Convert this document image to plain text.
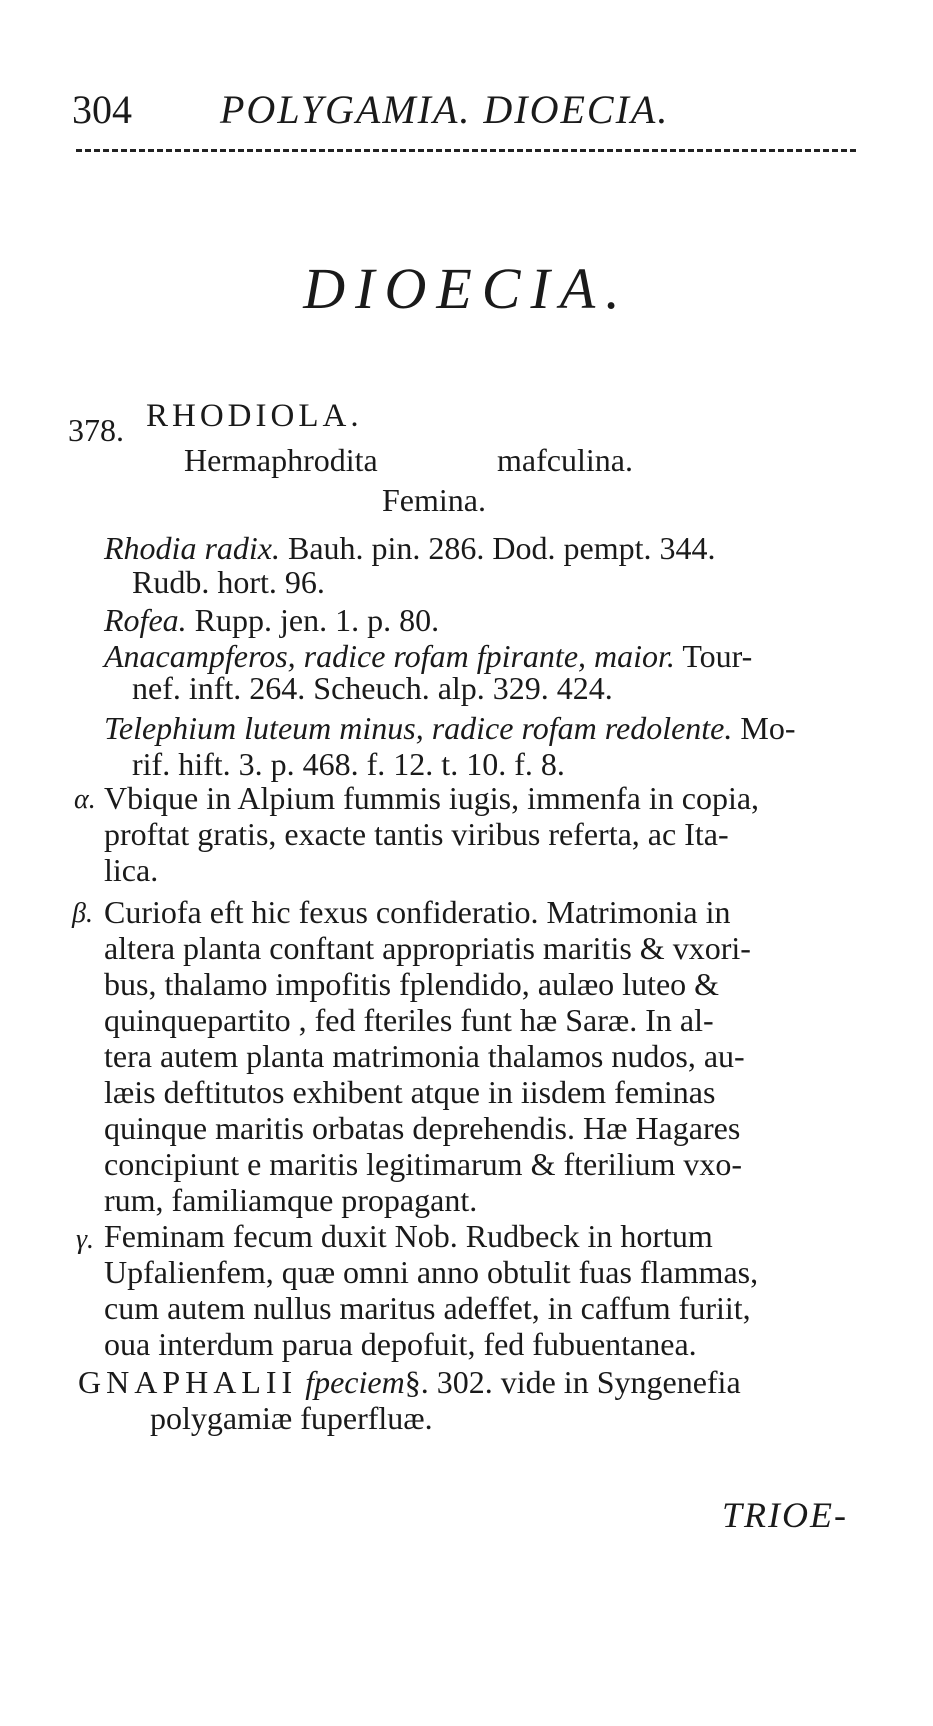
304 POLYGAMIA. DIOECIA.
DIOECIA.
378. RHODIOLA.
Hermaphrodita	mafculina.
Femina.
Rhodia radix. Bauh. pin. 286. Dod. pempt. 344.
Rudb. hort. 96.
Rofea. Rupp. jen. 1. p. 80.
Anacampferos, radice rofam fpirante, maior. Tour-
nef. inft. 264. Scheuch. alp. 329. 424.
Telephium luteum minus, radice rofam redolente. Mo-
rif. hift. 3. p. 468. f. 12. t. 10. f. 8.
α. Vbique in Alpium fummis iugis, immenfa in copia,
proftat gratis, exacte tantis viribus referta, ac Ita-
lica.
β. Curiofa eft hic fexus confideratio. Matrimonia in
altera planta conftant appropriatis maritis & vxori-
bus, thalamo impofitis fplendido, aulæo luteo &
quinquepartito , fed fteriles funt hæ Saræ. In al-
tera autem planta matrimonia thalamos nudos, au-
læis deftitutos exhibent atque in iisdem feminas
quinque maritis orbatas deprehendis. Hæ Hagares
concipiunt e maritis legitimarum & fterilium vxo-
rum, familiamque propagant.
γ. Feminam fecum duxit Nob. Rudbeck in hortum
Upfalienfem, quæ omni anno obtulit fuas flammas,
cum autem nullus maritus adeffet, in caffum furiit,
oua interdum parua depofuit, fed fubuentanea.
GNAPHALII fpeciem§. 302. vide in Syngenefia
polygamiæ fuperfluæ.
TRIOE-
